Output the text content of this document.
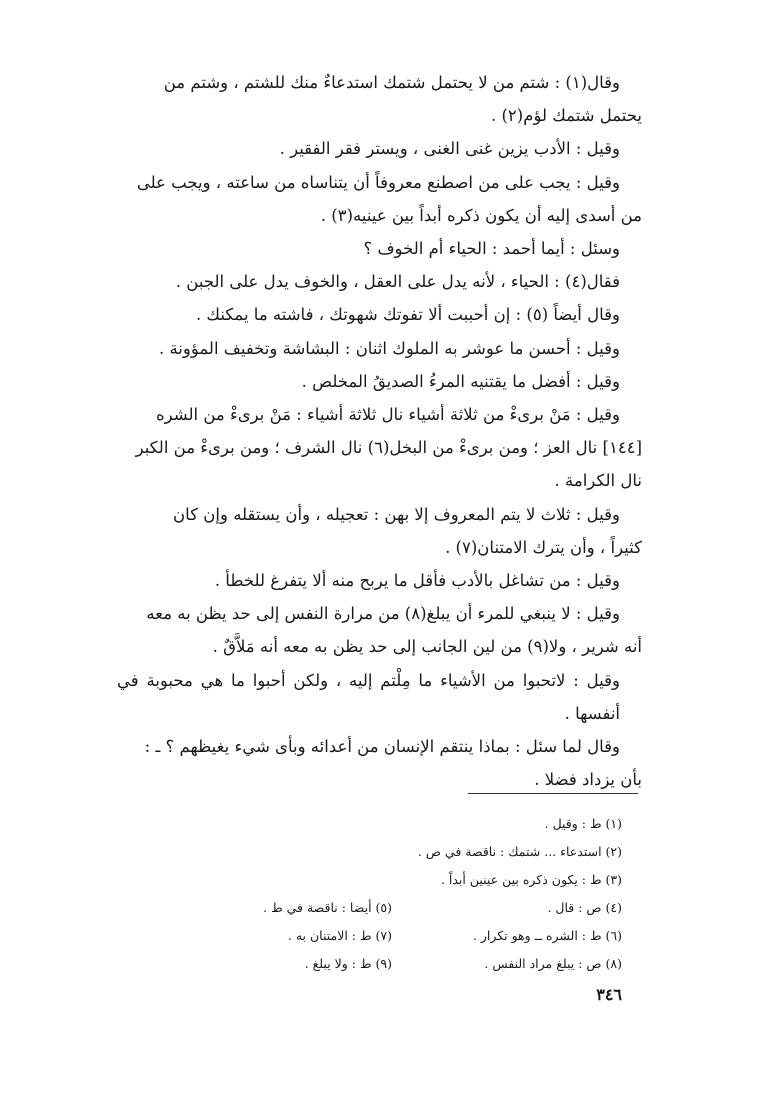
وقال(١) : شتم من لا يحتمل شتمك استدعاءٌ منك للشتم ، وشتم من
يحتمل شتمك لؤم(٢) .

وقيل : الأدب يزين غنى الغنى ، ويستر فقر الفقير .

وقيل : يجب على من اصطنع معروفاً أن يتناساه من ساعته ، ويجب على
من أسدى إليه أن يكون ذكره أبداً بين عينيه(٣) .

وسئل : أيما أحمد : الحياء أم الخوف ؟

فقال(٤) : الحياء ، لأنه يدل على العقل ، والخوف يدل على الجبن .

وقال أيضاً (٥) : إن أحببت ألا تفوتك شهوتك ، فاشته ما يمكنك .

وقيل : أحسن ما عوشر به الملوك اثنان : البشاشة وتخفيف المؤونة .

وقيل : أفضل ما يقتنيه المرءُ الصديقُ المخلص .

وقيل : مَنْ برىءْ من ثلاثة أشياء نال ثلاثة أشياء : مَنْ برىءْ من الشره
[١٤٤] نال العز ؛ ومن برىءْ من البخل(٦) نال الشرف ؛ ومن برىءْ من الكبر
نال الكرامة .

وقيل : ثلاث لا يتم المعروف إلا بهن : تعجيله ، وأن يستقله وإن كان
كثيراً ، وأن يترك الامتنان(٧) .

وقيل : من تشاغل بالأدب فأقل ما يربح منه ألا يتفرغ للخطأ .

وقيل : لا ينبغي للمرء أن يبلغ(٨) من مرارة النفس إلى حد يظن به معه
أنه شرير ، ولا(٩) من لين الجانب إلى حد يظن به معه أنه مَلاَّقٌ .

وقيل : لاتحبوا من الأشياء ما مِلْتم إليه ، ولكن أحبوا ما هي محبوبة في أنفسها .

وقال لما سئل : بماذا ينتقم الإنسان من أعدائه وبأى شيء يغيظهم ؟ ـ :
بأن يزداد فضلا .

(١) ط : وقيل .
(٢) استدعاء ... شتمك : ناقصة في ص .
(٣) ط : يكون ذكره بين عينين أبداً .
(٤) ص : قال .
(٥) أيضا : ناقصة في ط .
(٦) ط : الشره ــ وهو تكرار .
(٧) ط : الامتنان به .
(٨) ص : يبلغ مراد النفس .
(٩) ط : ولا يبلغ .
٣٤٦
